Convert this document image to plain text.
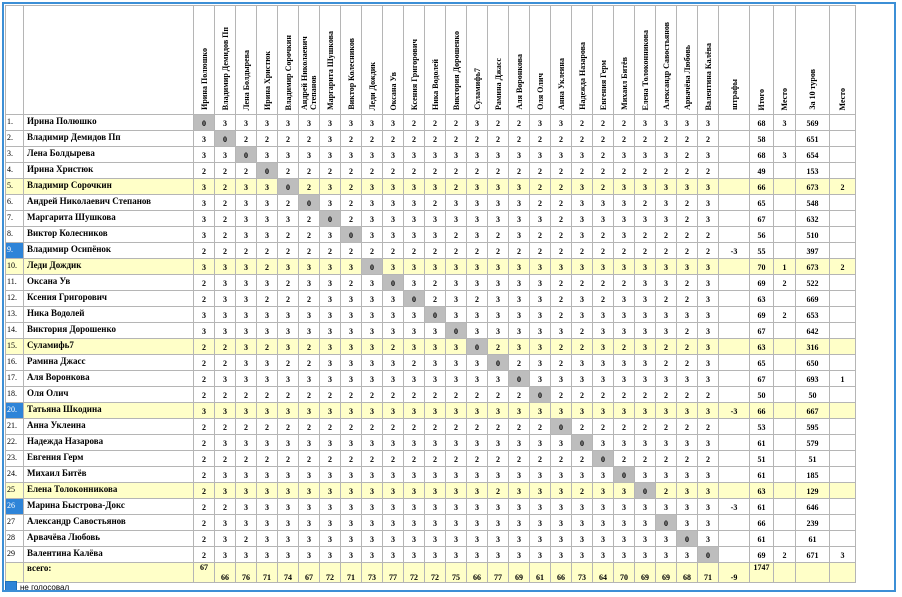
		Ирина Полюшко	Владимир Демидов Пп	Лена Болдырева	Ирина Христюк	Владимир Сорочкин	Андрей Николаевич Степанов	Маргарита Шушкова	Виктор Колесников	Леди Дождик	Оксана Ув	Ксения Григорович	Ника Водолей	Виктория Дорошенко	Суламифь7	Рамина Джасс	Аля Воронкова	Оля Олич	Анна Уклеина	Надежда Назарова	Евгения Герм	Михаил Битёв	Елена Толоконникова	Александр Савостьянов	Арвачёва Любовь	Валентина Калёва	штрафы	Итого	Место	За 10 туров	Место

1.	Ирина Полюшко	0	3	3	3	3	3	3	3	3	3	2	2	2	3	2	2	3	3	2	2	2	3	3	3	3		68	3	569	
2.	Владимир Демидов Пп	3	0	2	2	2	2	3	2	2	2	2	2	2	2	2	2	2	2	2	2	2	2	2	2	2		58		651	
3.	Лена Болдырева	3	3	0	3	3	3	3	3	3	3	3	3	3	3	3	3	3	3	3	2	3	3	3	2	3		68	3	654	
4.	Ирина Христюк	2	2	2	0	2	2	2	2	2	2	2	2	2	2	2	2	2	2	2	2	2	2	2	2	2		49		153	
5.	Владимир Сорочкин	3	2	3	3	0	2	3	2	3	3	3	3	2	3	3	3	2	2	3	2	3	3	3	3	3		66		673	2
6.	Андрей Николаевич Степанов	3	2	3	3	2	0	3	2	3	3	3	2	3	3	3	3	2	2	3	3	3	2	3	2	3		65		548	
7.	Маргарита Шушкова	3	2	3	3	3	2	0	2	3	3	3	3	3	3	3	3	3	2	3	3	3	3	3	2	3		67		632	
8.	Виктор Колесников	3	2	3	3	2	2	3	0	3	3	3	3	2	3	2	3	2	2	3	2	3	2	2	2	2		56		510	
9.	Владимир Осипёнок	2	2	2	2	2	2	2	2	2	2	2	2	2	2	2	2	2	2	2	2	2	2	2	2	2	-3	55		397	
10.	Леди Дождик	3	3	3	2	3	3	3	3	0	3	3	3	3	3	3	3	3	3	3	3	3	3	3	3	3		70	1	673	2
11.	Оксана Ув	2	3	3	3	2	3	3	2	3	0	3	2	3	3	3	3	3	2	2	2	2	3	3	2	3		69	2	522	
12.	Ксения Григорович	2	3	3	2	2	2	3	3	3	3	0	2	3	2	3	3	3	2	3	2	3	3	2	2	3		63		669	
13.	Ника Водолей	3	3	3	3	3	3	3	3	3	3	3	0	3	3	3	3	3	2	3	3	3	3	3	3	3		69	2	653	
14.	Виктория Дорошенко	3	3	3	3	3	3	3	3	3	3	3	3	0	3	3	3	3	3	2	3	3	3	3	2	3		67		642	
15.	Суламифь7	2	2	3	2	3	2	3	3	3	2	3	3	3	0	2	3	3	2	2	3	2	3	2	2	3		63		316	
16.	Рамина Джасс	2	2	3	3	2	2	3	3	3	3	2	3	3	3	0	2	3	2	3	3	3	3	2	2	3		65		650	
17.	Аля Воронкова	2	3	3	3	3	3	3	3	3	3	3	3	3	3	3	0	3	3	3	3	3	3	3	3	3		67		693	1
18.	Оля Олич	2	2	2	2	2	2	2	2	2	2	2	2	2	2	2	2	0	2	2	2	2	2	2	2	2		50		50	
20.	Татьяна Шкодина	3	3	3	3	3	3	3	3	3	3	3	3	3	3	3	3	3	3	3	3	3	3	3	3	3	-3	66		667	
21.	Анна Уклеина	2	2	2	2	2	2	2	2	2	2	2	2	2	2	2	2	2	0	2	2	2	2	2	2	2		53		595	
22.	Надежда Назарова	2	3	3	3	3	3	3	3	3	3	3	3	3	3	3	3	3	3	0	3	3	3	3	3	3		61		579	
23.	Евгения Герм	2	2	2	2	2	2	2	2	2	2	2	2	2	2	2	2	2	2	2	0	2	2	2	2	2		51		51	
24.	Михаил Битёв	2	3	3	3	3	3	3	3	3	3	3	3	3	3	3	3	3	3	3	3	0	3	3	3	3		61		185	
25	Елена Толоконникова	2	3	3	3	3	3	3	3	3	3	3	3	3	3	2	3	3	3	2	3	3	0	2	3	3		63		129	
26	Марина Быстрова-Докс	2	2	3	3	3	3	3	3	3	3	3	3	3	3	3	3	3	3	3	3	3	3	3	3	3	-3	61		646	
27	Александр Савостьянов	2	3	3	3	3	3	3	3	3	3	3	3	3	3	3	3	3	3	3	3	3	3	0	3	3		66		239	
28	Арвачёва Любовь	2	3	2	3	3	3	3	3	3	3	3	3	3	3	3	3	3	3	3	3	3	3	3	0	3		61		61	
29	Валентина Калёва	2	3	3	3	3	3	3	3	3	3	3	3	3	3	3	3	3	3	3	3	3	3	3	3	0		69	2	671	3
	всего:	67	66	76	71	74	67	72	71	73	77	72	72	75	66	77	69	61	66	73	64	70	69	69	68	71	-9	1747			
не голосовал
